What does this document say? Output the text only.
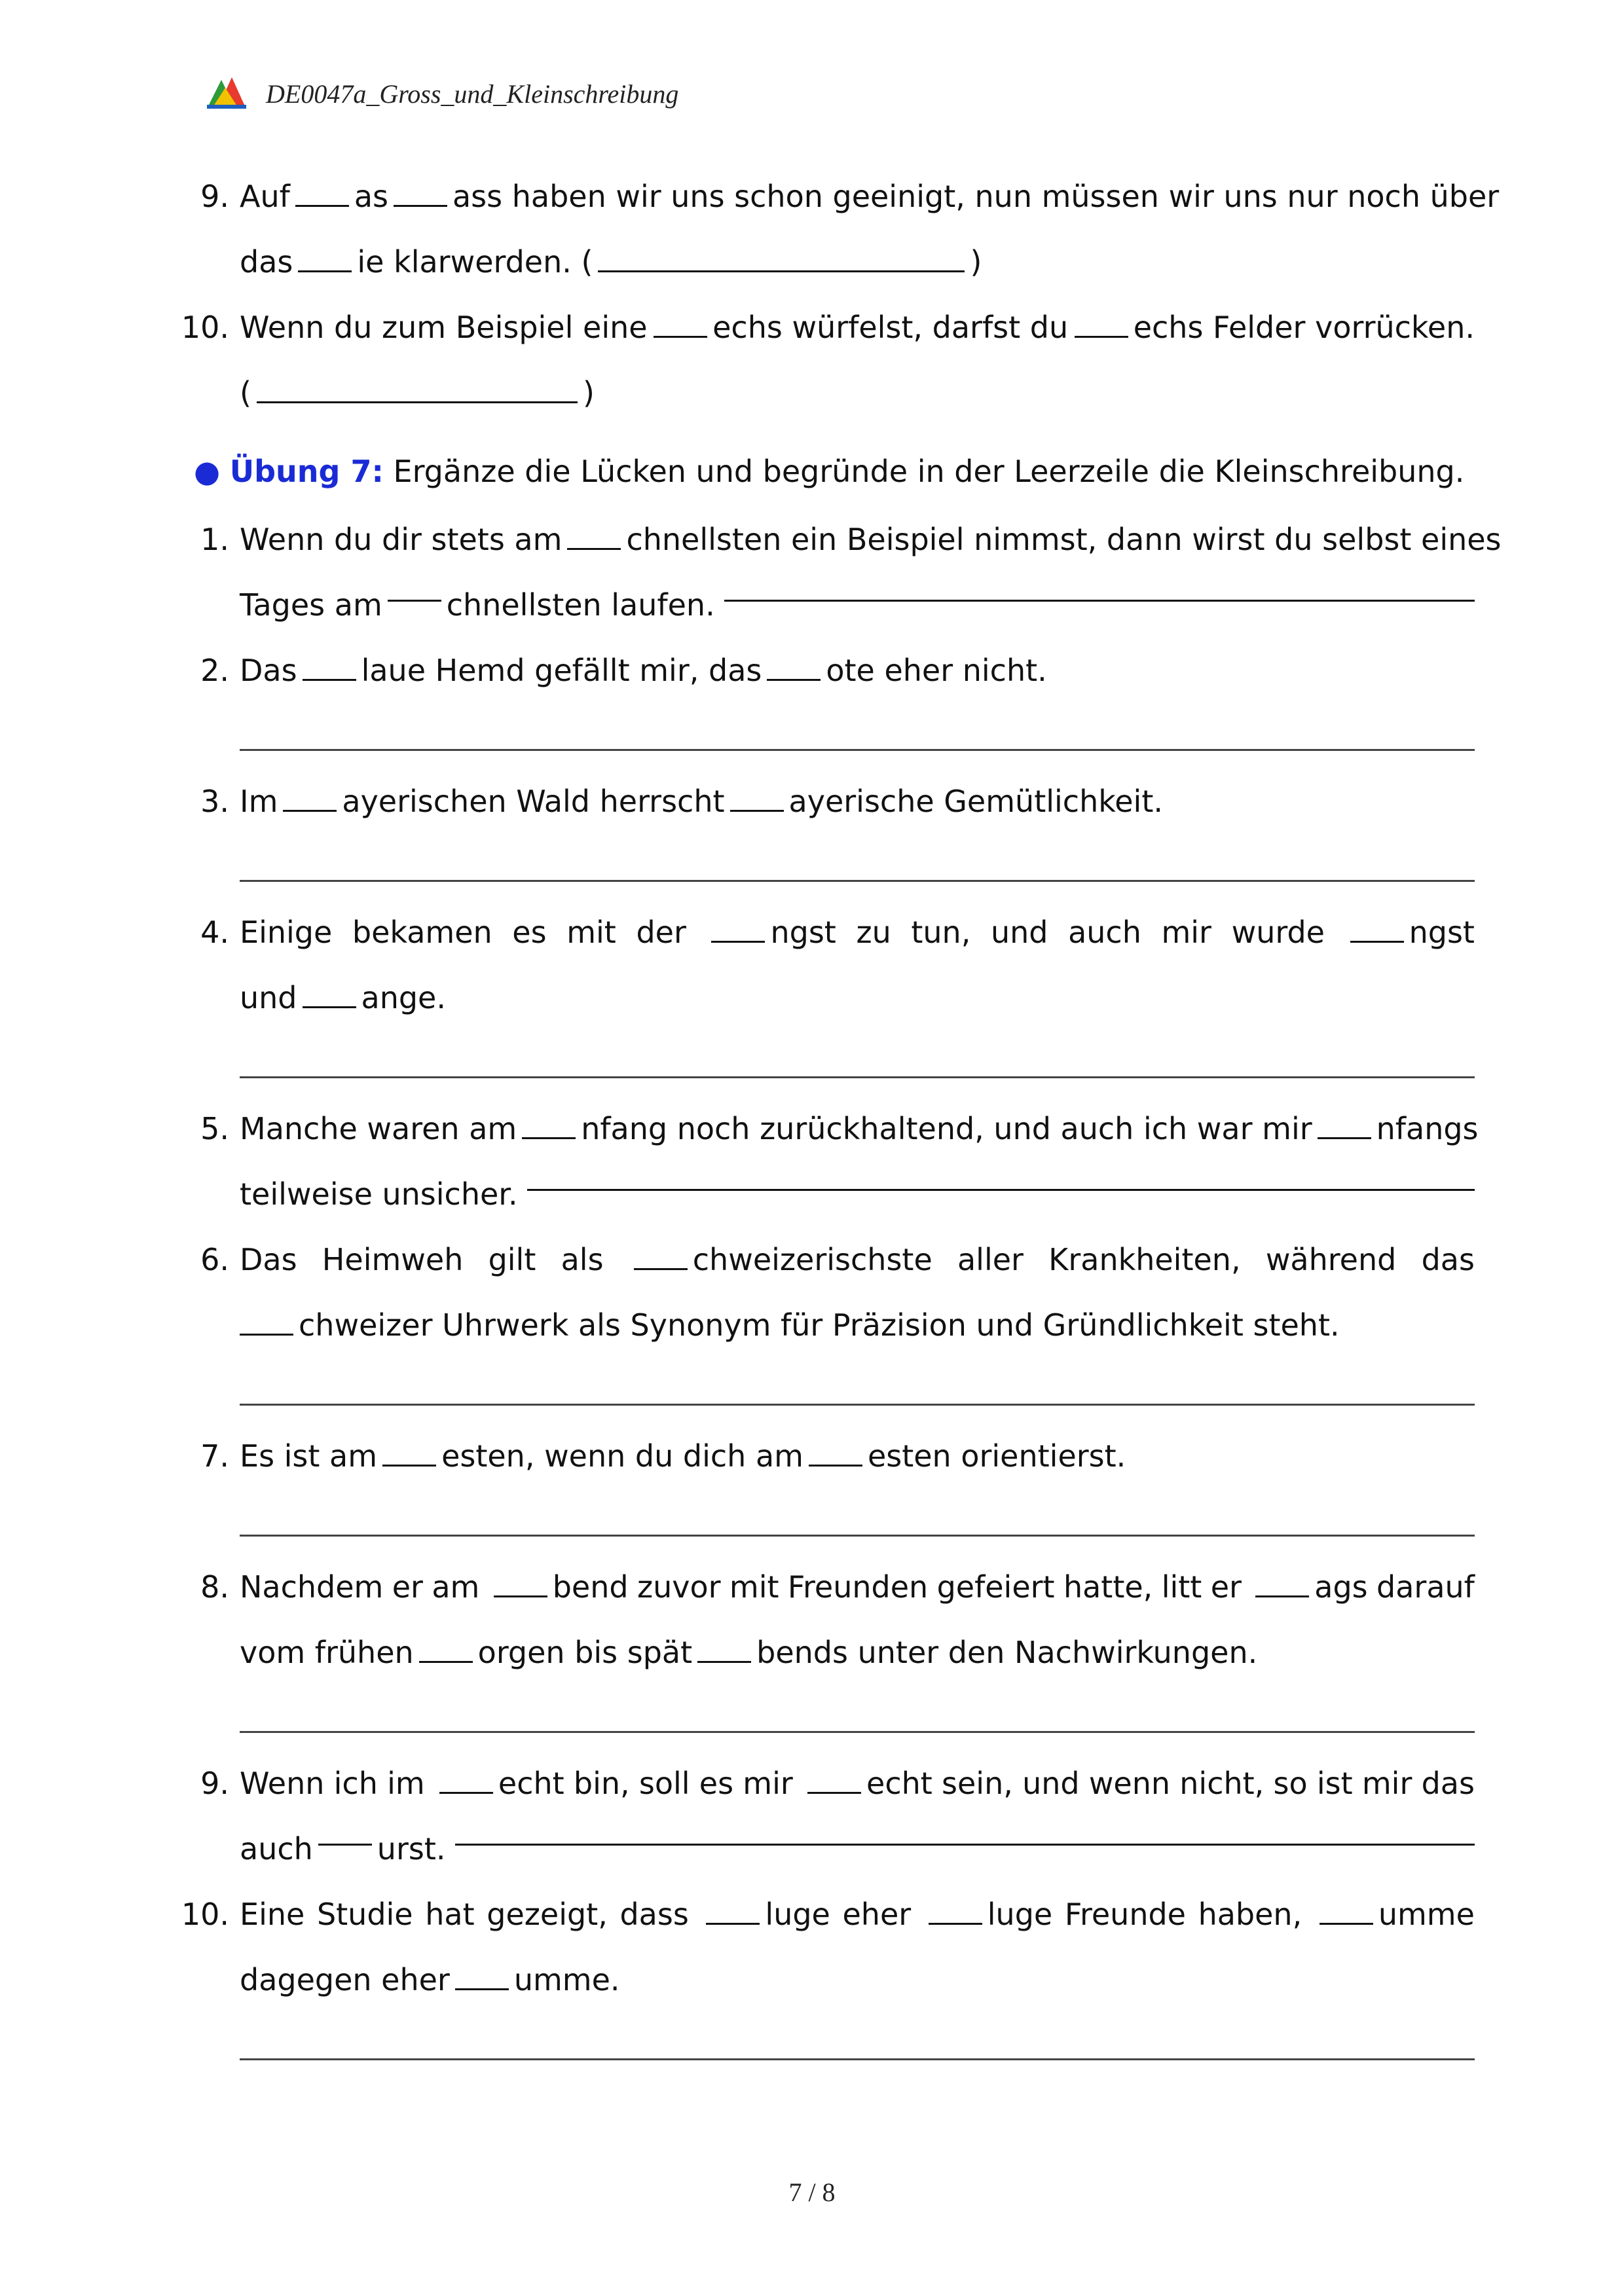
DE0047a_Gross_und_Kleinschreibung
9. Auf as ass haben wir uns schon geeinigt, nun müssen wir uns nur noch über
das ie klarwerden. (	)
10. Wenn du zum Beispiel eine	echs würfelst, darfst du	echs Felder vorrücken.
(	)
● Übung 7: Ergänze die Lücken und begründe in der Leerzeile die Kleinschreibung.
1. Wenn du dir stets am chnellsten ein Beispiel nimmst, dann wirst du selbst eines
Tages am chnellsten laufen.
2. Das laue Hemd gefällt mir, das ote eher nicht.
3. Im ayerischen Wald herrscht ayerische Gemütlichkeit.
4. Einige bekamen es mit der	ngst zu tun, und auch mir wurde	ngst
und ange.
5. Manche waren am	nfang noch zurückhaltend, und auch ich war mir	nfangs
teilweise unsicher.
6. Das Heimweh gilt als	chweizerischste aller Krankheiten, während das
chweizer Uhrwerk als Synonym für Präzision und Gründlichkeit steht.
7. Es ist am esten, wenn du dich am esten orientierst.
8. Nachdem er am	bend zuvor mit Freunden gefeiert hatte, litt er	ags darauf
vom frühen orgen bis spät bends unter den Nachwirkungen.
9. Wenn ich im	echt bin, soll es mir	echt sein, und wenn nicht, so ist mir das
auch urst.
10. Eine Studie hat gezeigt, dass	luge eher	luge Freunde haben,	umme
dagegen eher umme.
7 / 8
